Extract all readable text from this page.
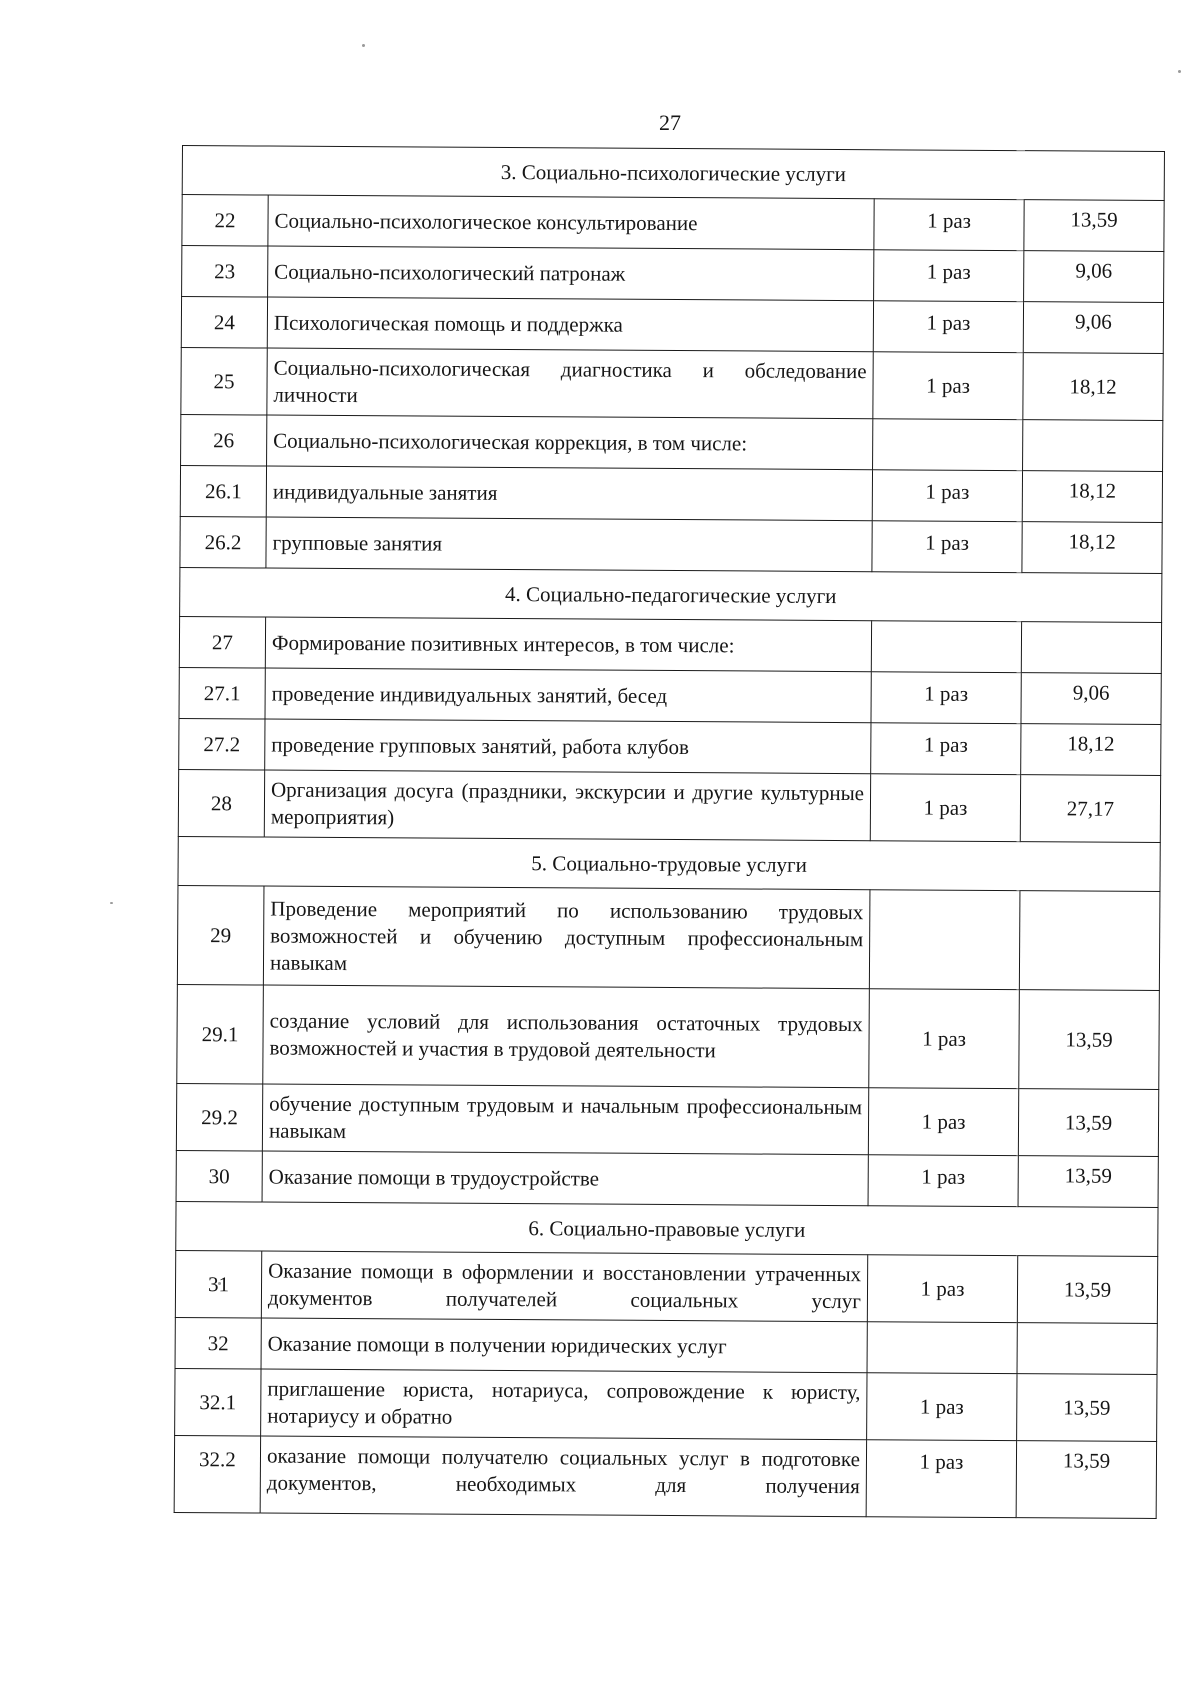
27
3. Социально-психологические услуги			
22	Социально-психологическое консультирование	1 раз	13,59
23	Социально-психологический патронаж	1 раз	9,06
24	Психологическая помощь и поддержка	1 раз	9,06
25	Социально-психологическая диагностика и обследование личности	1 раз	18,12
26	Социально-психологическая коррекция, в том числе:		
26.1	индивидуальные занятия	1 раз	18,12
26.2	групповые занятия	1 раз	18,12
4. Социально-педагогические услуги			
27	Формирование позитивных интересов, в том числе:		
27.1	проведение индивидуальных занятий, бесед	1 раз	9,06
27.2	проведение групповых занятий, работа клубов	1 раз	18,12
28	Организация досуга (праздники, экскурсии и другие культурные мероприятия)	1 раз	27,17
5. Социально-трудовые услуги			
29	Проведение мероприятий по использованию трудовых возможностей и обучению доступным профессиональным навыкам		
29.1	создание условий для использования остаточных трудовых возможностей и участия в трудовой деятельности	1 раз	13,59
29.2	обучение доступным трудовым и начальным профессиональным навыкам	1 раз	13,59
30	Оказание помощи в трудоустройстве	1 раз	13,59
6. Социально-правовые услуги			
31	Оказание помощи в оформлении и восстановлении утраченных документов получателей социальных услуг	1 раз	13,59
32	Оказание помощи в получении юридических услуг		
32.1	приглашение юриста, нотариуса, сопровождение к юристу, нотариусу и обратно	1 раз	13,59
32.2	оказание помощи получателю социальных услуг в подготовке документов, необходимых для получения	1 раз	13,59
